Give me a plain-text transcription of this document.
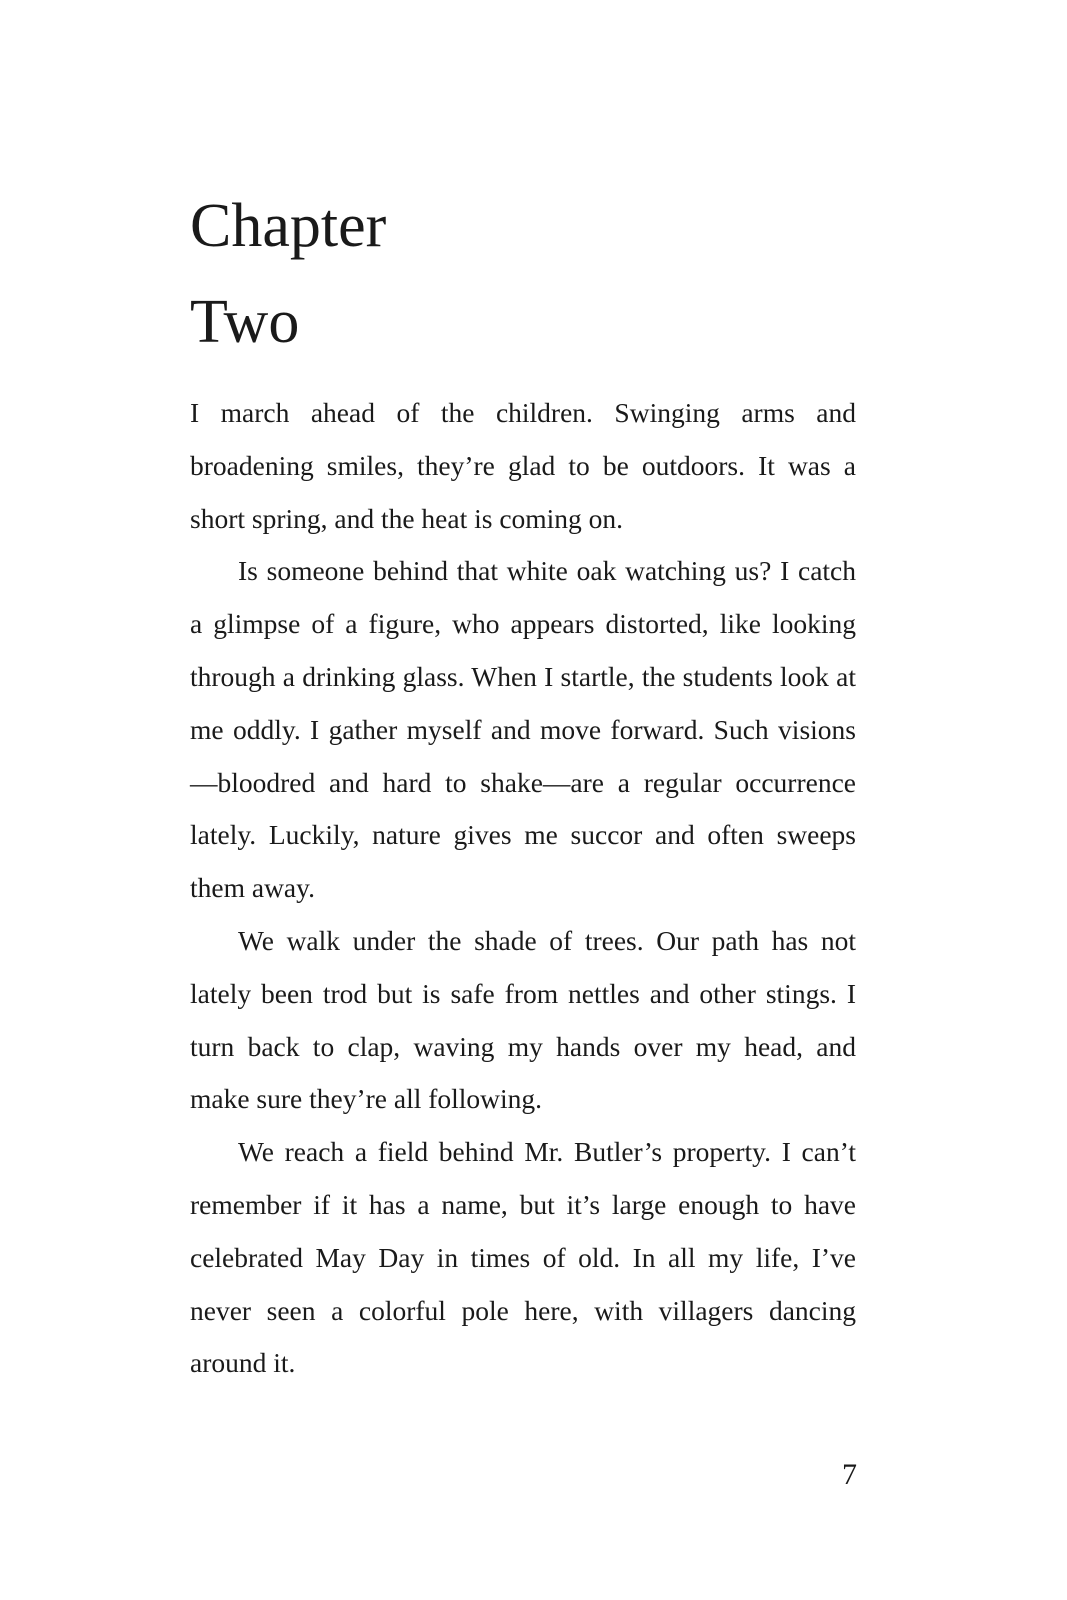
Chapter
Two

I march ahead of the children. Swinging arms and broadening smiles, they’re glad to be outdoors. It was a short spring, and the heat is coming on.

Is someone behind that white oak watching us? I catch a glimpse of a figure, who appears distorted, like looking through a drinking glass. When I startle, the students look at me oddly. I gather myself and move forward. Such visions—bloodred and hard to shake—are a regular occurrence lately. Luckily, nature gives me succor and often sweeps them away.

We walk under the shade of trees. Our path has not lately been trod but is safe from nettles and other stings. I turn back to clap, waving my hands over my head, and make sure they’re all following.

We reach a field behind Mr. Butler’s property. I can’t remember if it has a name, but it’s large enough to have celebrated May Day in times of old. In all my life, I’ve never seen a colorful pole here, with villagers dancing around it.

7
